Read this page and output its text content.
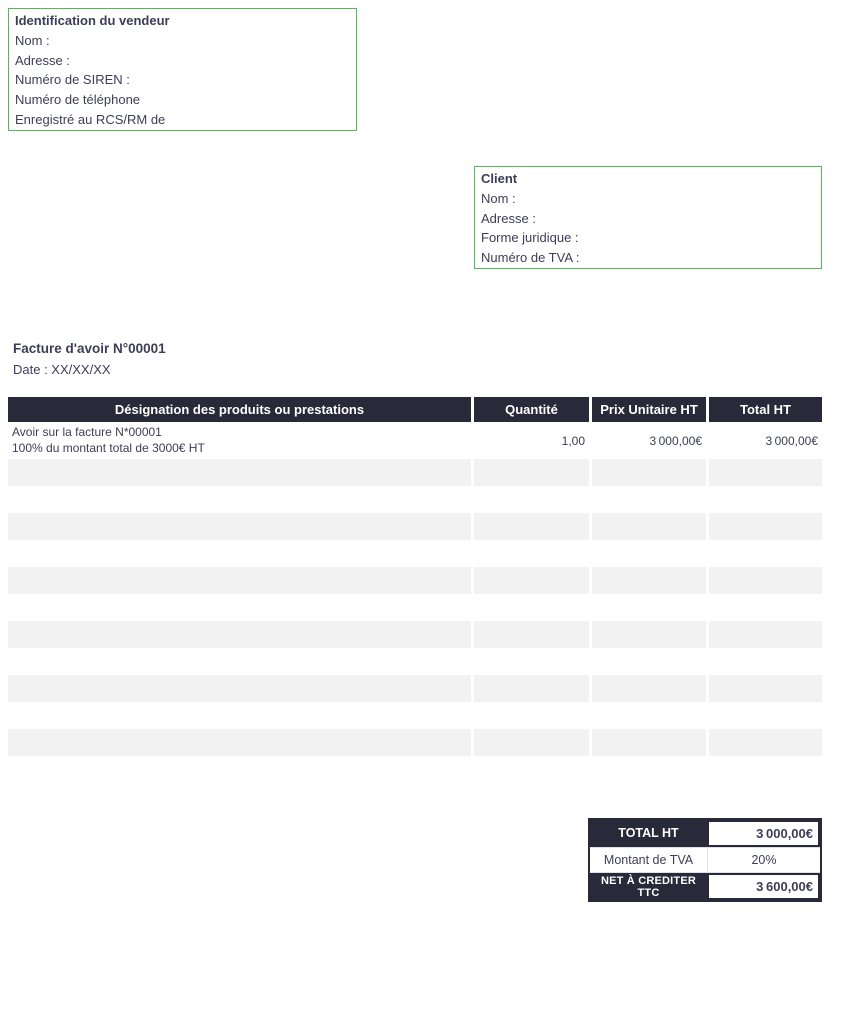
Identification du vendeur
Nom :
Adresse :
Numéro de SIREN :
Numéro de téléphone
Enregistré au RCS/RM de
Client
Nom :
Adresse :
Forme juridique :
Numéro de TVA :
Facture d'avoir N°00001
Date : XX/XX/XX
Désignation des produits ou prestations	Quantité	Prix Unitaire HT	Total HT
Avoir sur la facture N*00001
100% du montant total de 3000€ HT	1,00	3 000,00€	3 000,00€
TOTAL HT	3 000,00€
Montant de TVA	20%
NET À CREDITER TTC	3 600,00€
